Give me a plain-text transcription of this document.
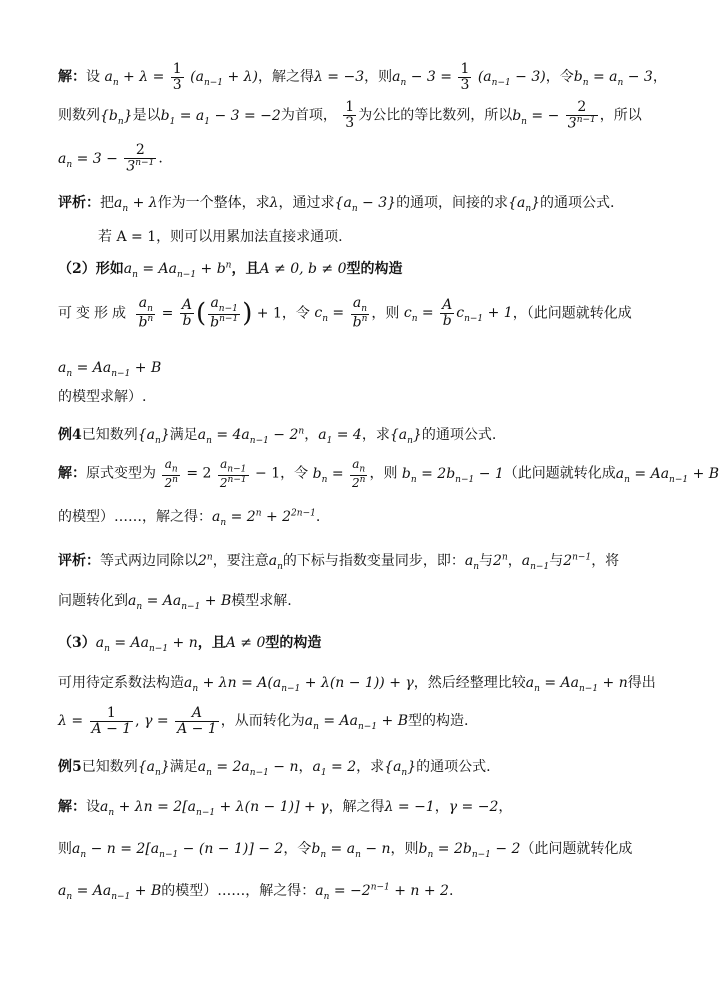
解：设 $a_n + \lambda = \frac{1}{3} (a_{n-1} + \lambda)$，解之得λ = −3，则$a_n - 3 = \frac{1}{3} (a_{n-1} - 3)$，令$b_n = a_n - 3$，
则数列$\{b_n\}$是以$b_1 = a_1 - 3 = -2$为首项， $\frac{1}{3}$ 为公比的等比数列，所以$b_n$ = − $\frac{2}{3^{n-1}}$ ，所以
$a_n = 3 - \frac{2}{3^{n-1}}$ .
评析：把$a_n + \lambda$作为一个整体，求λ，通过求$\{a_n - 3\}$的通项，间接的求$\{a_n\}$的通项公式.
若 A = 1，则可以用累加法直接求通项.
（2）形如$a_n = Aa_{n-1} + b^n$，且A ≠ 0, b ≠ 0型的构造
可变形成 $\frac{a_n}{b^n} = \frac{A}{b}$ ( $\frac{a_{n-1}}{b^{n-1}}$ ) + 1，令 $c_n = \frac{a_n}{b^n}$ ，则 $c_n = \frac{A}{b} c_{n-1} + 1$，（此问题就转化成
$a_n = Aa_{n-1} + B$
的模型求解）.
例4已知数列$\{a_n\}$满足$a_n = 4a_{n-1} - 2^n$，$a_1 = 4$，求$\{a_n\}$的通项公式.
解：原式变型为 $\frac{a_n}{2^n} = 2 \frac{a_{n-1}}{2^{n-1}} - 1$，令 $b_n = \frac{a_n}{2^n}$ ，则 $b_n = 2b_{n-1} - 1$（此问题就转化成$a_n = Aa_{n-1} + B$
的模型）……，解之得：$a_n = 2^n + 2^{2n-1}$.
评析：等式两边同除以2$^n$，要注意$a_n$的下标与指数变量同步，即：$a_n$与2$^n$，$a_{n-1}$与$2^{n-1}$，将
问题转化到$a_n = Aa_{n-1} + B$模型求解.
$(3)a_n = Aa_{n-1} + n$，且A ≠ 0型的构造
可用待定系数法构造$a_n + \lambda n = A(a_{n-1} + \lambda(n - 1)) + \gamma$，然后经整理比较$a_n = Aa_{n-1} + n$得出
$\lambda = \frac{1}{A - 1}$ , $\gamma = \frac{A}{A - 1}$ ，从而转化为$a_n = Aa_{n-1} + B$型的构造.
例5已知数列$\{a_n\}$满足$a_n = 2a_{n-1} - n$，$a_1 = 2$，求$\{a_n\}$的通项公式.
解：设$a_n + \lambda n = 2[a_{n-1} + \lambda(n - 1)] + \gamma$，解之得λ = −1，γ = −2，
则$a_n - n = 2[a_{n-1} - (n - 1)] - 2$，令$b_n = a_n - n$，则$b_n = 2b_{n-1} - 2$（此问题就转化成
$a_n = Aa_{n-1} + B$的模型）……，解之得：$a_n = -2^{n-1} + n + 2$.
